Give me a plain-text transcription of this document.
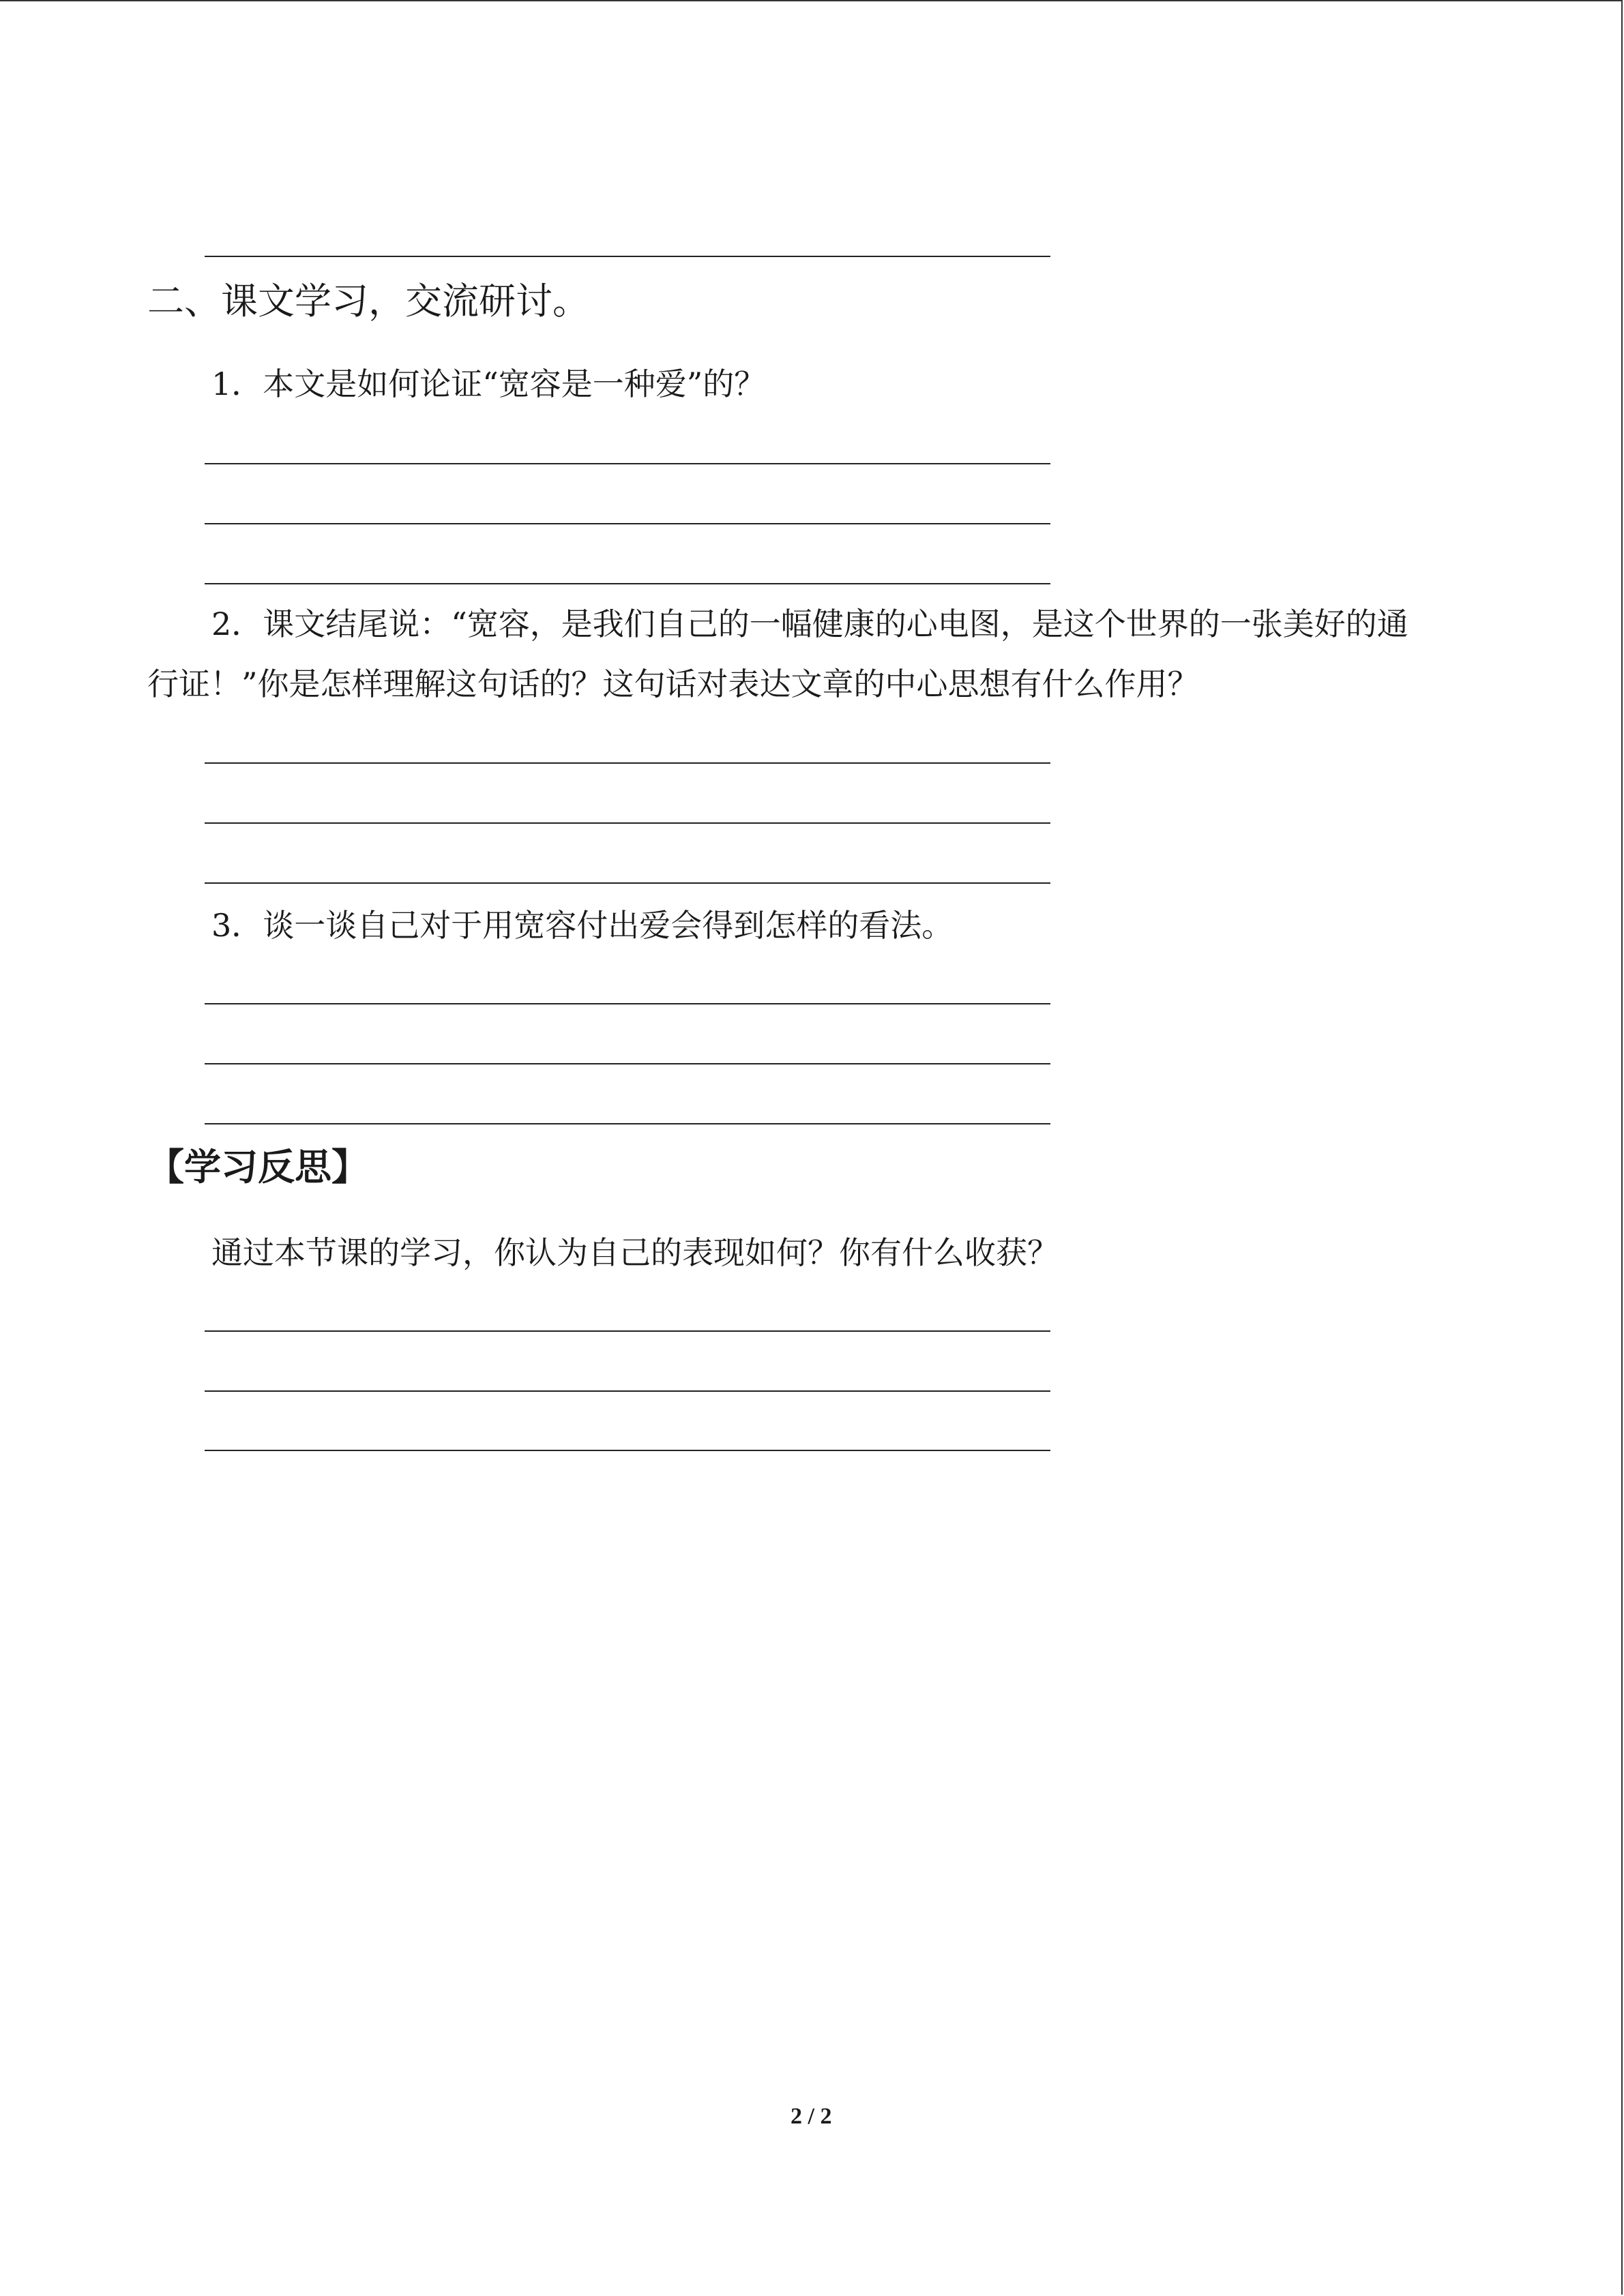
二、课文学习，交流研讨。
1．本文是如何论证“宽容是一种爱”的？
2．课文结尾说：“宽容，是我们自己的一幅健康的心电图，是这个世界的一张美好的通
行证！”你是怎样理解这句话的？这句话对表达文章的中心思想有什么作用？
3．谈一谈自己对于用宽容付出爱会得到怎样的看法。
【学习反思】
通过本节课的学习，你认为自己的表现如何？你有什么收获？
2 / 2
